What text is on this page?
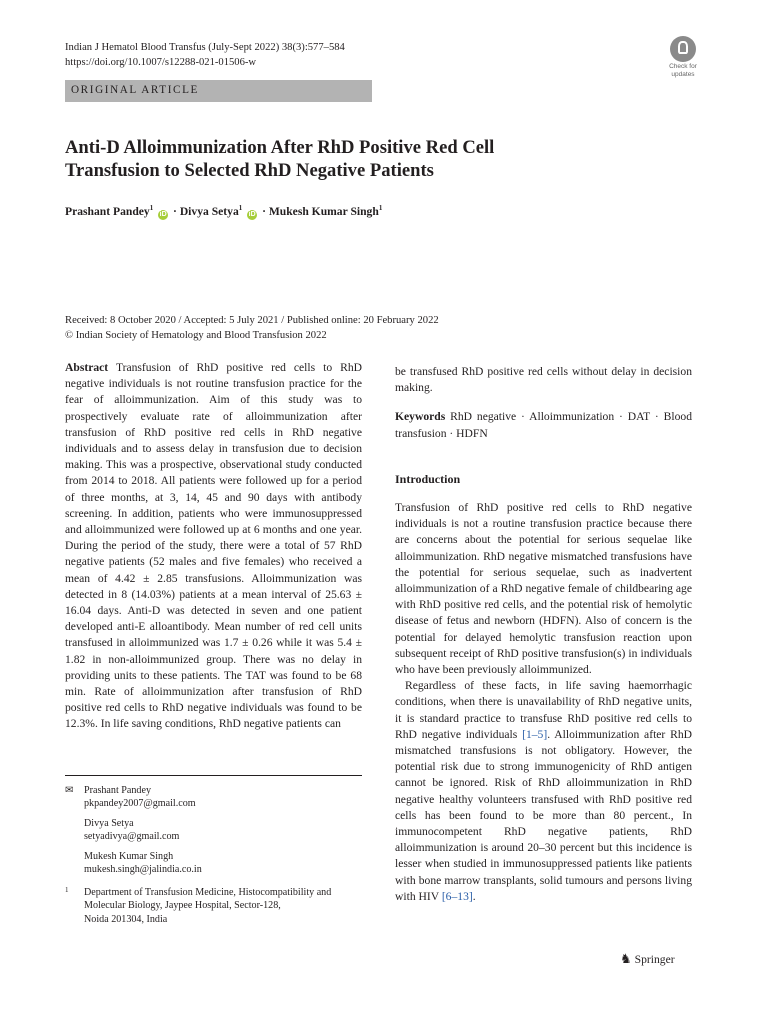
Indian J Hematol Blood Transfus (July-Sept 2022) 38(3):577–584
https://doi.org/10.1007/s12288-021-01506-w	Check for
updates
ORIGINAL ARTICLE
Anti-D Alloimmunization After RhD Positive Red Cell
Transfusion to Selected RhD Negative Patients
Prashant Pandey$^1$ iD · Divya Setya$^1$ iD · Mukesh Kumar Singh$^1$
Received: 8 October 2020 / Accepted: 5 July 2021 / Published online: 20 February 2022
© Indian Society of Hematology and Blood Transfusion 2022

Abstract Transfusion of RhD positive red cells to RhD negative individuals is not routine transfusion practice for the fear of alloimmunization. Aim of this study was to prospectively evaluate rate of alloimmunization after transfusion of RhD positive red cells in RhD negative individuals and to assess delay in transfusion due to decision making. This was a prospective, observational study conducted from 2014 to 2018. All patients were followed up for a period of three months, at 3, 14, 45 and 90 days with antibody screening. In addition, patients who were immunosuppressed and alloimmunized were followed up at 6 months and one year. During the period of the study, there were a total of 57 RhD negative patients (52 males and five females) who received a mean of 4.42 ± 2.85 transfusions. Alloimmunization was detected in 8 (14.03%) patients at a mean interval of 25.63 ± 16.04 days. Anti-D was detected in seven and one patient developed anti-E alloantibody. Mean number of red cell units transfused in alloimmunized was 1.7 ± 0.26 while it was 5.4 ± 1.82 in non-alloimmunized group. There was no delay in providing units to these patients. The TAT was found to be 68 min. Rate of alloimmunization after transfusion of RhD positive red cells to RhD negative individuals was found to be 12.3%. In life saving conditions, RhD negative patients can

✉ Prashant Pandey
pkpandey2007@gmail.com
Divya Setya
setyadivya@gmail.com
Mukesh Kumar Singh
mukesh.singh@jalindia.co.in
1 Department of Transfusion Medicine, Histocompatibility and
Molecular Biology, Jaypee Hospital, Sector-128,
Noida 201304, India

be transfused RhD positive red cells without delay in decision making.

Keywords RhD negative · Alloimmunization · DAT · Blood transfusion · HDFN

Introduction

Transfusion of RhD positive red cells to RhD negative individuals is not a routine transfusion practice because there are concerns about the potential for serious sequelae like alloimmunization. RhD negative mismatched transfusions have the potential for serious sequelae, such as inadvertent alloimmunization of a RhD negative female of childbearing age with RhD positive red cells, and the potential risk of hemolytic disease of fetus and newborn (HDFN). Also of concern is the potential for delayed hemolytic transfusion reaction upon subsequent receipt of RhD positive transfusion(s) in individuals who have been previously alloimmunized.

Regardless of these facts, in life saving haemorrhagic conditions, when there is unavailability of RhD negative units, it is standard practice to transfuse RhD positive red cells to RhD negative individuals [1–5]. Alloimmunization after RhD mismatched transfusions is not obligatory. However, the potential risk due to strong immunogenicity of RhD antigen cannot be ignored. Risk of RhD alloimmunization in RhD negative healthy volunteers transfused with RhD positive red cells has been found to be more than 80 percent., In immunocompetent RhD negative patients, RhD alloimmunization is around 20–30 percent but this incidence is lesser when studied in immunosuppressed patients like patients with bone marrow transplants, solid tumours and persons living with HIV [6–13].

♞ Springer
